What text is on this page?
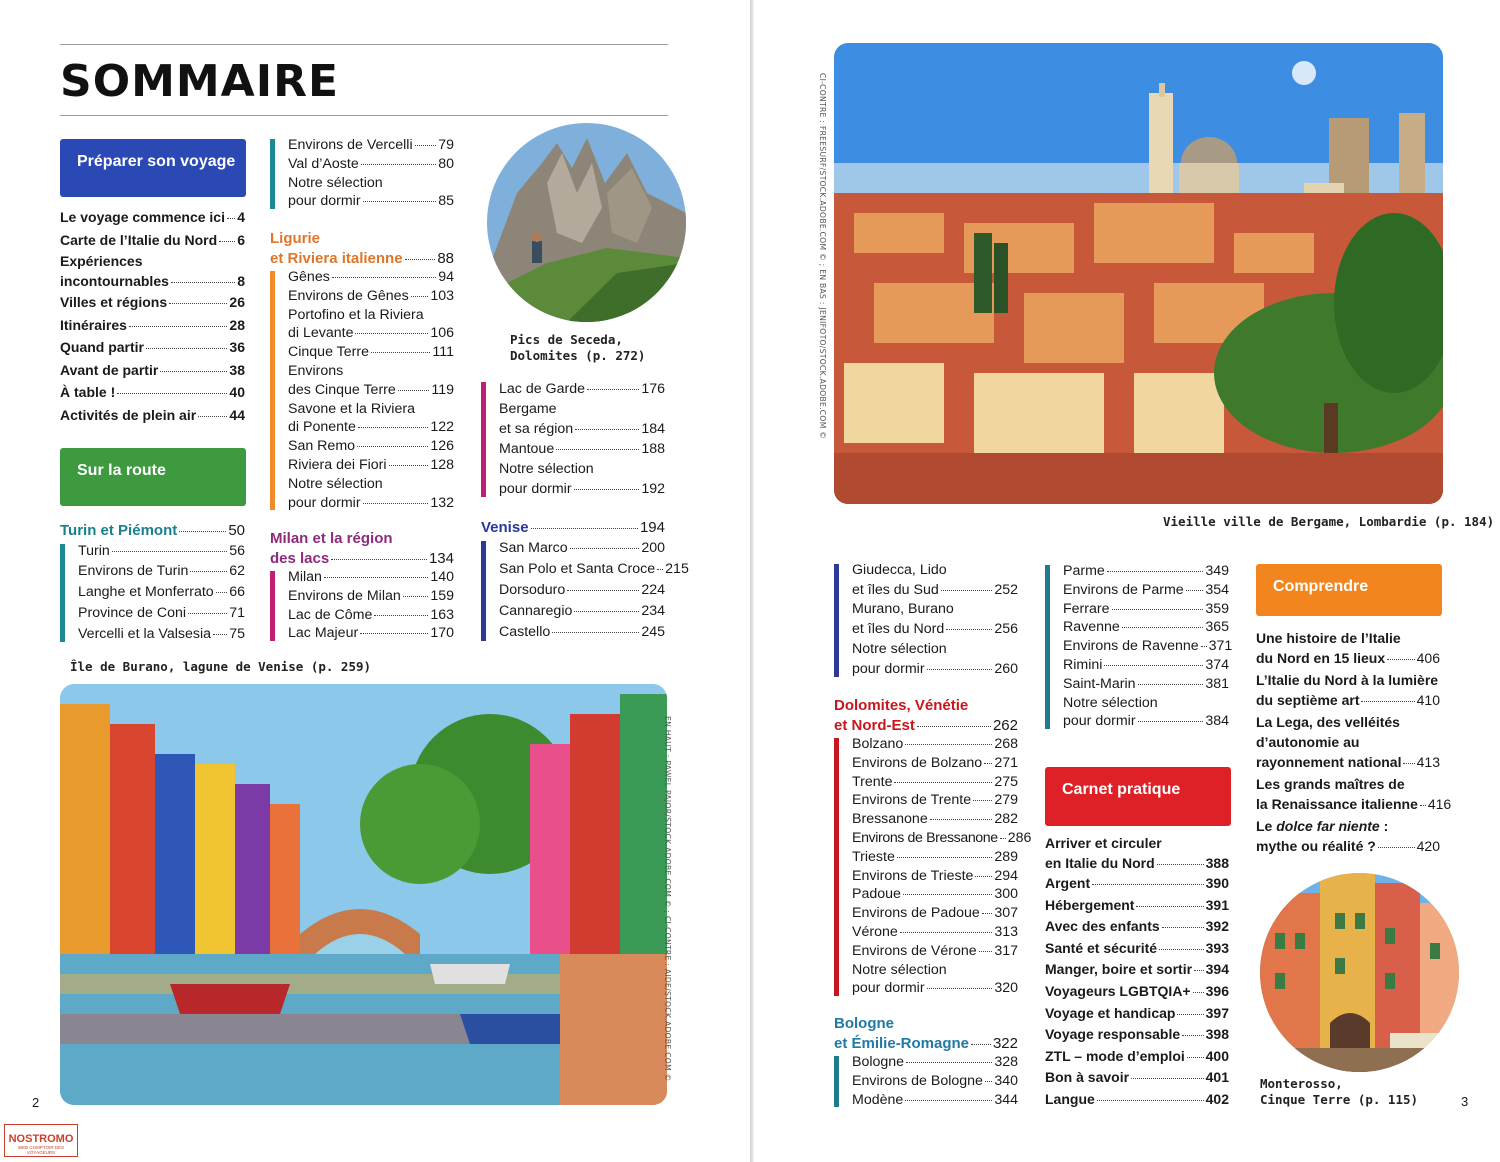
SOMMAIRE
Préparer son voyage
Le voyage commence ici 4
Carte de l’Italie du Nord 6
Expériences
incontournables	8
Villes et régions	26
Itinéraires	28
Quand partir	36
Avant de partir	38
À table !	40
Activités de plein air 44
Sur la route
Turin et Piémont	50
Turin	56
Environs de Turin	62
Langhe et Monferrato 66
Province de Coni	71
Vercelli et la Valsesia 75
Environs de Vercelli 79
Val d’Aoste	80
Notre sélection
pour dormir	85
Ligurie
et Riviera italienne 88
Gênes	94
Environs de Gênes 103
Portofino et la Riviera
di Levante	106
Cinque Terre	111
Environs
des Cinque Terre	119
Savone et la Riviera
di Ponente	122
San Remo	126
Riviera dei Fiori	128
Notre sélection
pour dormir	132
Milan et la région
des lacs	134
Milan	140
Environs de Milan 159
Lac de Côme	163
Lac Majeur	170
Pics de Seceda,
Dolomites (p. 272)
Lac de Garde	176
Bergame
et sa région	184
Mantoue	188
Notre sélection
pour dormir	192
Venise	194
San Marco	200
San Polo et Santa Croce 215
Dorsoduro	224
Cannaregio	234
Castello	245
Île de Burano, lagune de Venise (p. 259)
EN HAUT : PAWEL PAJOR/STOCK.ADOBE.COM © ; CI-CONTRE : AIDE/STOCK.ADOBE.COM ©
2
NOSTROMO
WEB COMPTOIR DES VOYAGEURS
CI-CONTRE : FREESURF/STOCK.ADOBE.COM © ; EN BAS : JENIFOTO/STOCK.ADOBE.COM ©
Vieille ville de Bergame, Lombardie (p. 184)
Giudecca, Lido
et îles du Sud	252
Murano, Burano
et îles du Nord	256
Notre sélection
pour dormir	260
Dolomites, Vénétie
et Nord-Est	262
Bolzano	268
Environs de Bolzano 271
Trente	275
Environs de Trente 279
Bressanone	282
Environs de Bressanone 286
Trieste	289
Environs de Trieste 294
Padoue	300
Environs de Padoue 307
Vérone	313
Environs de Vérone 317
Notre sélection
pour dormir	320
Bologne
et Émilie-Romagne 322
Bologne	328
Environs de Bologne 340
Modène	344
Parme	349
Environs de Parme 354
Ferrare	359
Ravenne	365
Environs de Ravenne 371
Rimini	374
Saint-Marin	381
Notre sélection
pour dormir	384
Carnet pratique
Arriver et circuler
en Italie du Nord	388
Argent	390
Hébergement	391
Avec des enfants	392
Santé et sécurité	393
Manger, boire et sortir 394
Voyageurs LGBTQIA+ 396
Voyage et handicap 397
Voyage responsable 398
ZTL – mode d’emploi 400
Bon à savoir	401
Langue	402
Comprendre
Une histoire de l’Italie
du Nord en 15 lieux 406
L’Italie du Nord à la lumière
du septième art	410
La Lega, des velléités
d’autonomie au
rayonnement national 413
Les grands maîtres de
la Renaissance italienne 416
Le dolce far niente :
mythe ou réalité ?	420
Monterosso,
Cinque Terre (p. 115)	3
